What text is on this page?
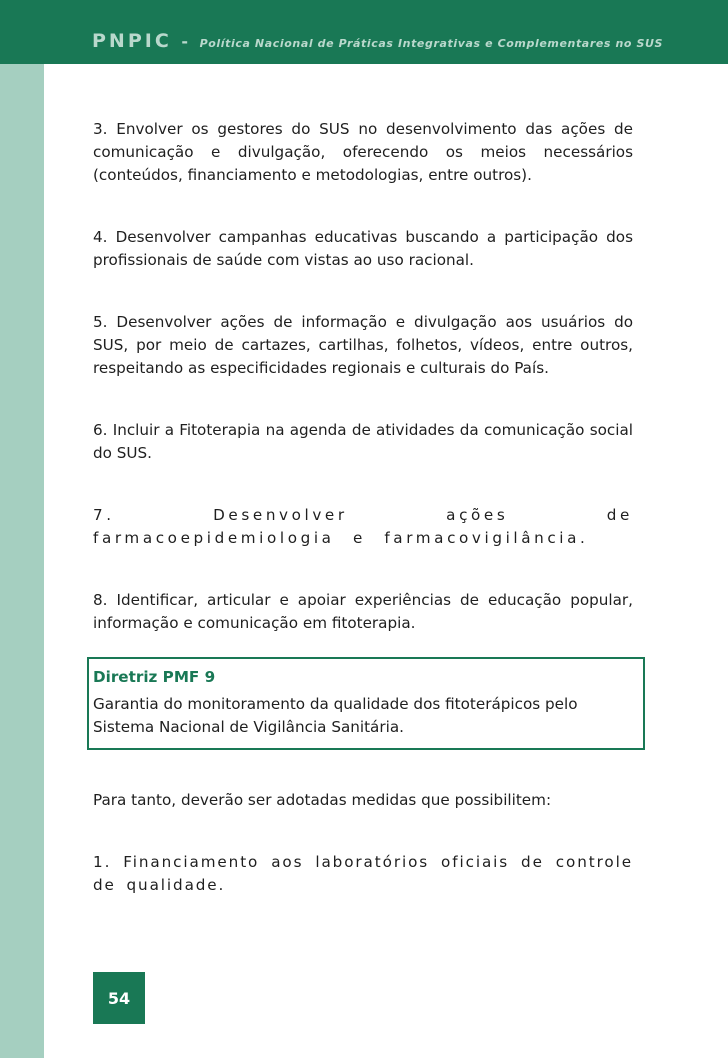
PNPIC - Política Nacional de Práticas Integrativas e Complementares no SUS

3. Envolver os gestores do SUS no desenvolvimento das ações de comunicação e divulgação, oferecendo os meios necessários (conteúdos, financiamento e metodologias, entre outros).

4. Desenvolver campanhas educativas buscando a participação dos profissionais de saúde com vistas ao uso racional.

5. Desenvolver ações de informação e divulgação aos usuários do SUS, por meio de cartazes, cartilhas, folhetos, vídeos, entre outros, respeitando as especificidades regionais e culturais do País.

6. Incluir a Fitoterapia na agenda de atividades da comunicação social do SUS.

7. Desenvolver ações de farmacoepidemiologia e farmacovigilância.

8. Identificar, articular e apoiar experiências de educação popular, informação e comunicação em fitoterapia.

Diretriz PMF 9

Garantia do monitoramento da qualidade dos fitoterápicos pelo Sistema Nacional de Vigilância Sanitária.

Para tanto, deverão ser adotadas medidas que possibilitem:

1. Financiamento aos laboratórios oficiais de controle de qualidade.

54
